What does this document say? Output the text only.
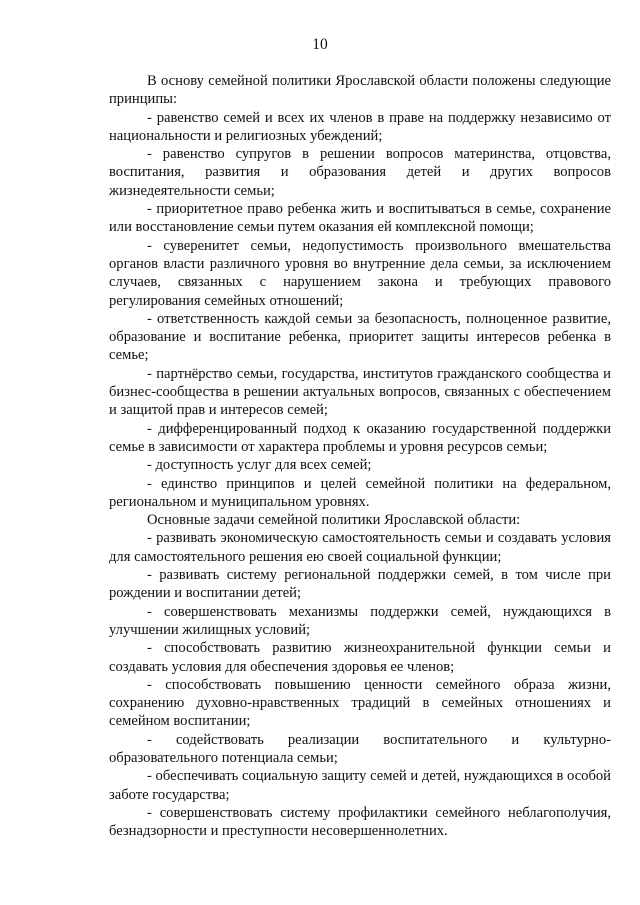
10

В основу семейной политики Ярославской области положены следующие принципы:

- равенство семей и всех их членов в праве на поддержку независимо от национальности и религиозных убеждений;

- равенство супругов в решении вопросов материнства, отцовства, воспитания, развития и образования детей и других вопросов жизнедеятельности семьи;

- приоритетное право ребенка жить и воспитываться в семье, сохранение или восстановление семьи путем оказания ей комплексной помощи;

- суверенитет семьи, недопустимость произвольного вмешательства органов власти различного уровня во внутренние дела семьи, за исключением случаев, связанных с нарушением закона и требующих правового регулирования семейных отношений;

- ответственность каждой семьи за безопасность, полноценное развитие, образование и воспитание ребенка, приоритет защиты интересов ребенка в семье;

- партнёрство семьи, государства, институтов гражданского сообщества и бизнес-сообщества в решении актуальных вопросов, связанных с обеспечением и защитой прав и интересов семей;

- дифференцированный подход к оказанию государственной поддержки семье в зависимости от характера проблемы и уровня ресурсов семьи;

- доступность услуг для всех семей;

- единство принципов и целей семейной политики на федеральном, региональном и муниципальном уровнях.

Основные задачи семейной политики Ярославской области:

- развивать экономическую самостоятельность семьи и создавать условия для самостоятельного решения ею своей социальной функции;

- развивать систему региональной поддержки семей, в том числе при рождении и воспитании детей;

- совершенствовать механизмы поддержки семей, нуждающихся в улучшении жилищных условий;

- способствовать развитию жизнеохранительной функции семьи и создавать условия для обеспечения здоровья ее членов;

- способствовать повышению ценности семейного образа жизни, сохранению духовно-нравственных традиций в семейных отношениях и семейном воспитании;

- содействовать реализации воспитательного и культурно-образовательного потенциала семьи;

- обеспечивать социальную защиту семей и детей, нуждающихся в особой заботе государства;

- совершенствовать систему профилактики семейного неблагополучия, безнадзорности и преступности несовершеннолетних.
